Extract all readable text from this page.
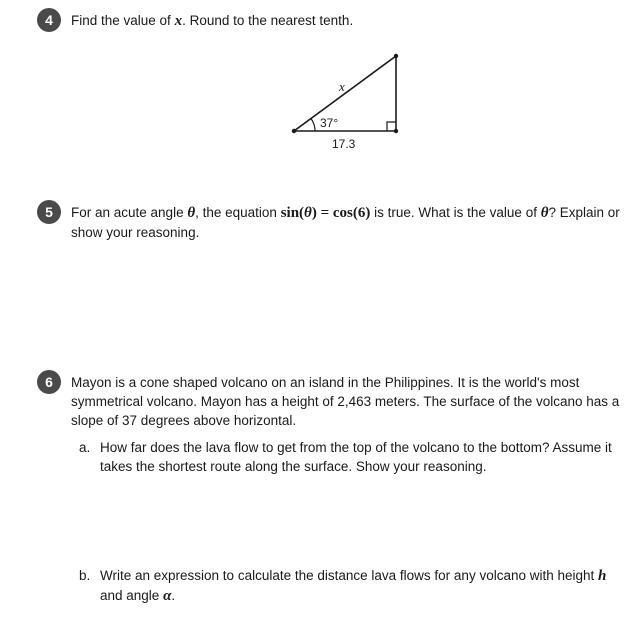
4	Find the value of x. Round to the nearest tenth.
x
37°
17.3
5	For an acute angle θ, the equation sin(θ) = cos(6) is true. What is the value of θ? Explain or show your reasoning.
6	Mayon is a cone shaped volcano on an island in the Philippines. It is the world's most symmetrical volcano. Mayon has a height of 2,463 meters. The surface of the volcano has a slope of 37 degrees above horizontal.
a. How far does the lava flow to get from the top of the volcano to the bottom? Assume it takes the shortest route along the surface. Show your reasoning.
b. Write an expression to calculate the distance lava flows for any volcano with height h and angle α.
